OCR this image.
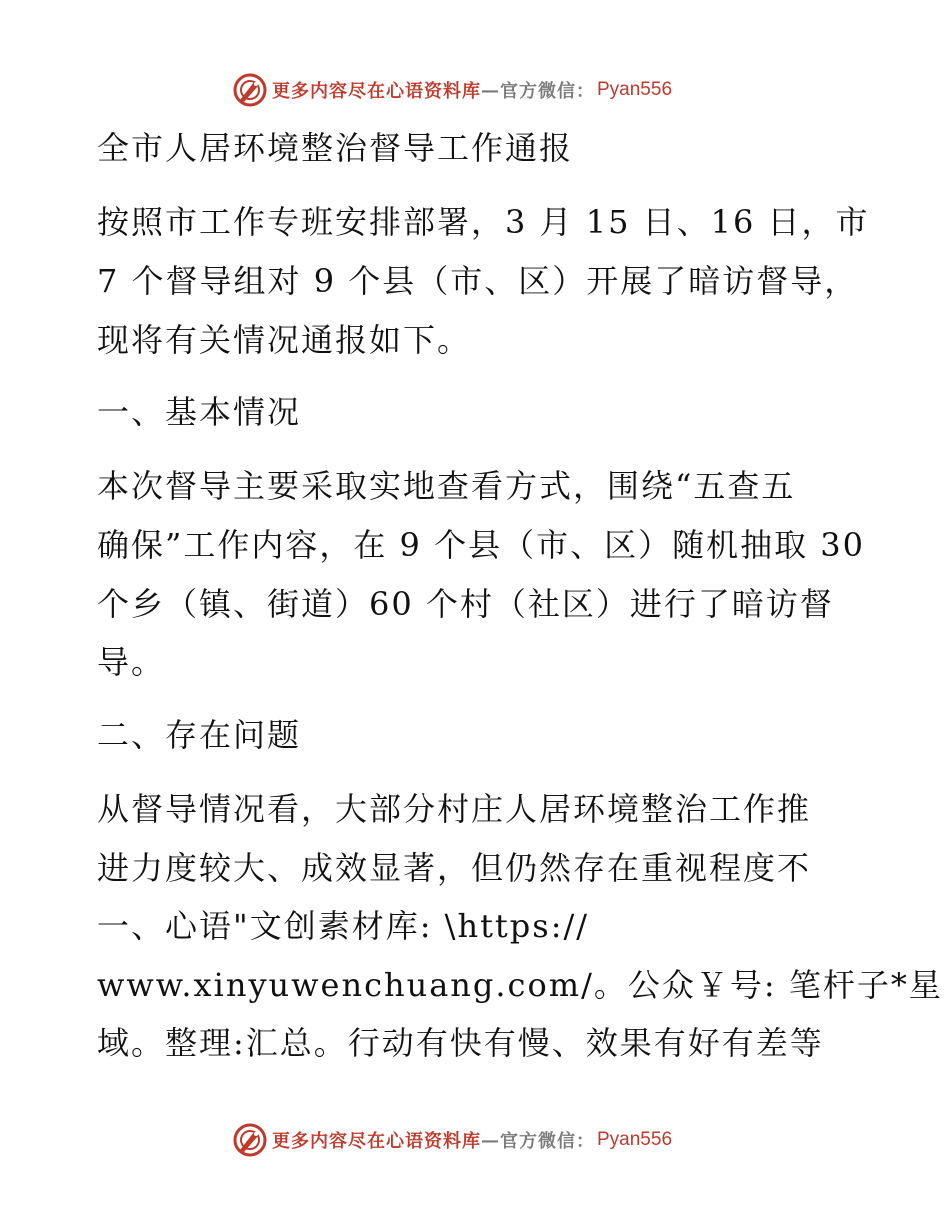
更多内容尽在心语资料库 — 官方微信： Pyan556
全市人居环境整治督导工作通报
按照市工作专班安排部署，3 月 15 日、16 日，市
7 个督导组对 9 个县（市、区）开展了暗访督导，
现将有关情况通报如下。
一、基本情况
本次督导主要采取实地查看方式，围绕“五查五
确保”工作内容，在 9 个县（市、区）随机抽取 30
个乡（镇、街道）60 个村（社区）进行了暗访督
导。
二、存在问题
从督导情况看，大部分村庄人居环境整治工作推
进力度较大、成效显著，但仍然存在重视程度不
一、心语"文创素材库: \https://
www.xinyuwenchuang.com/。公众￥号: 笔杆子*星
域。整理:汇总。行动有快有慢、效果有好有差等
更多内容尽在心语资料库 — 官方微信： Pyan556
